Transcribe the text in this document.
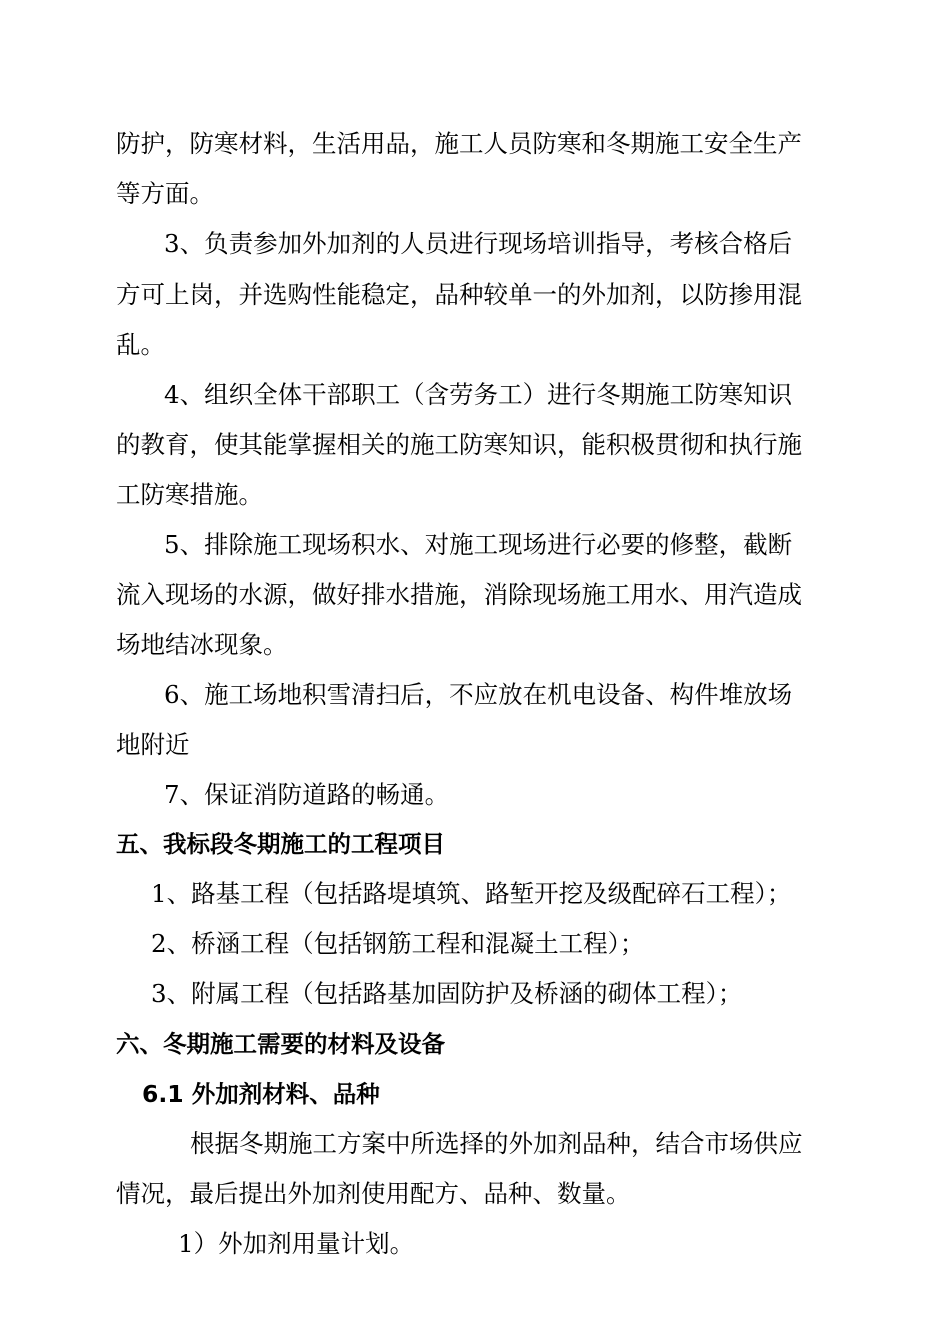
防护，防寒材料，生活用品，施工人员防寒和冬期施工安全生产
等方面。
3、负责参加外加剂的人员进行现场培训指导，考核合格后
方可上岗，并选购性能稳定，品种较单一的外加剂，以防掺用混
乱。
4、组织全体干部职工（含劳务工）进行冬期施工防寒知识
的教育，使其能掌握相关的施工防寒知识，能积极贯彻和执行施
工防寒措施。
5、排除施工现场积水、对施工现场进行必要的修整，截断
流入现场的水源，做好排水措施，消除现场施工用水、用汽造成
场地结冰现象。
6、施工场地积雪清扫后，不应放在机电设备、构件堆放场
地附近
7、保证消防道路的畅通。
五、我标段冬期施工的工程项目
1、路基工程（包括路堤填筑、路堑开挖及级配碎石工程）；
2、桥涵工程（包括钢筋工程和混凝土工程）；
3、附属工程（包括路基加固防护及桥涵的砌体工程）；
六、冬期施工需要的材料及设备
6.1 外加剂材料、品种
根据冬期施工方案中所选择的外加剂品种，结合市场供应
情况，最后提出外加剂使用配方、品种、数量。
1）外加剂用量计划。
